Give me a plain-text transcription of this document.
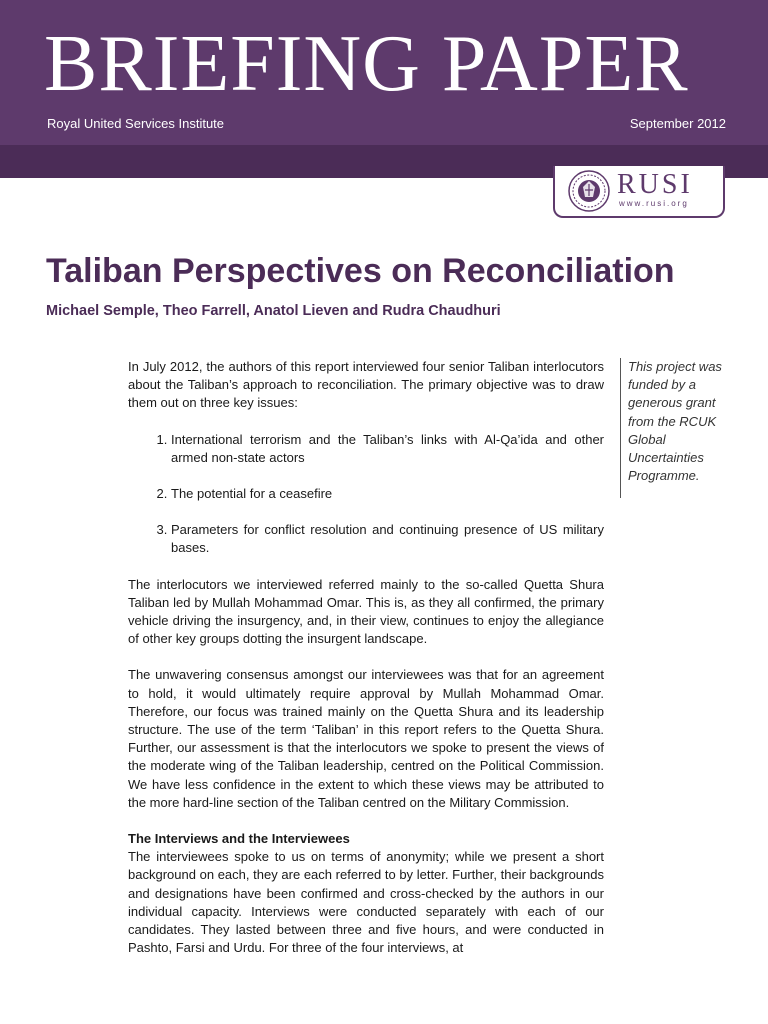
BRIEFING PAPER
Royal United Services Institute	September 2012
RUSI
www.rusi.org
Taliban Perspectives on Reconciliation
Michael Semple, Theo Farrell, Anatol Lieven and Rudra Chaudhuri

In July 2012, the authors of this report interviewed four senior Taliban interlocutors about the Taliban’s approach to reconciliation. The primary objective was to draw them out on three key issues:

1. International terrorism and the Taliban’s links with Al-Qa’ida and other armed non-state actors
2. The potential for a ceasefire
3. Parameters for conflict resolution and continuing presence of US military bases.

The interlocutors we interviewed referred mainly to the so-called Quetta Shura Taliban led by Mullah Mohammad Omar. This is, as they all confirmed, the primary vehicle driving the insurgency, and, in their view, continues to enjoy the allegiance of other key groups dotting the insurgent landscape.

The unwavering consensus amongst our interviewees was that for an agreement to hold, it would ultimately require approval by Mullah Mohammad Omar. Therefore, our focus was trained mainly on the Quetta Shura and its leadership structure. The use of the term ‘Taliban’ in this report refers to the Quetta Shura. Further, our assessment is that the interlocutors we spoke to present the views of the moderate wing of the Taliban leadership, centred on the Political Commission. We have less confidence in the extent to which these views may be attributed to the more hard-line section of the Taliban centred on the Military Commission.

The Interviews and the Interviewees

The interviewees spoke to us on terms of anonymity; while we present a short background on each, they are each referred to by letter. Further, their backgrounds and designations have been confirmed and cross-checked by the authors in our individual capacity. Interviews were conducted separately with each of our candidates. They lasted between three and five hours, and were conducted in Pashto, Farsi and Urdu. For three of the four interviews, at

This project was funded by a generous grant from the RCUK Global Uncertainties Programme.
